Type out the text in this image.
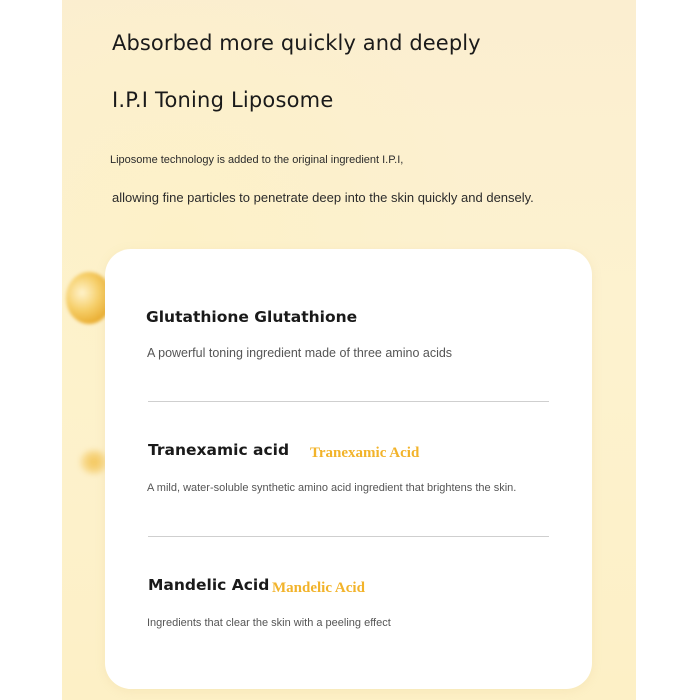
Absorbed more quickly and deeply
I.P.I Toning Liposome

Liposome technology is added to the original ingredient I.P.I,

allowing fine particles to penetrate deep into the skin quickly and densely.

Glutathione Glutathione

A powerful toning ingredient made of three amino acids

Tranexamic acid Tranexamic Acid

A mild, water-soluble synthetic amino acid ingredient that brightens the skin.

Mandelic Acid Mandelic Acid

Ingredients that clear the skin with a peeling effect
